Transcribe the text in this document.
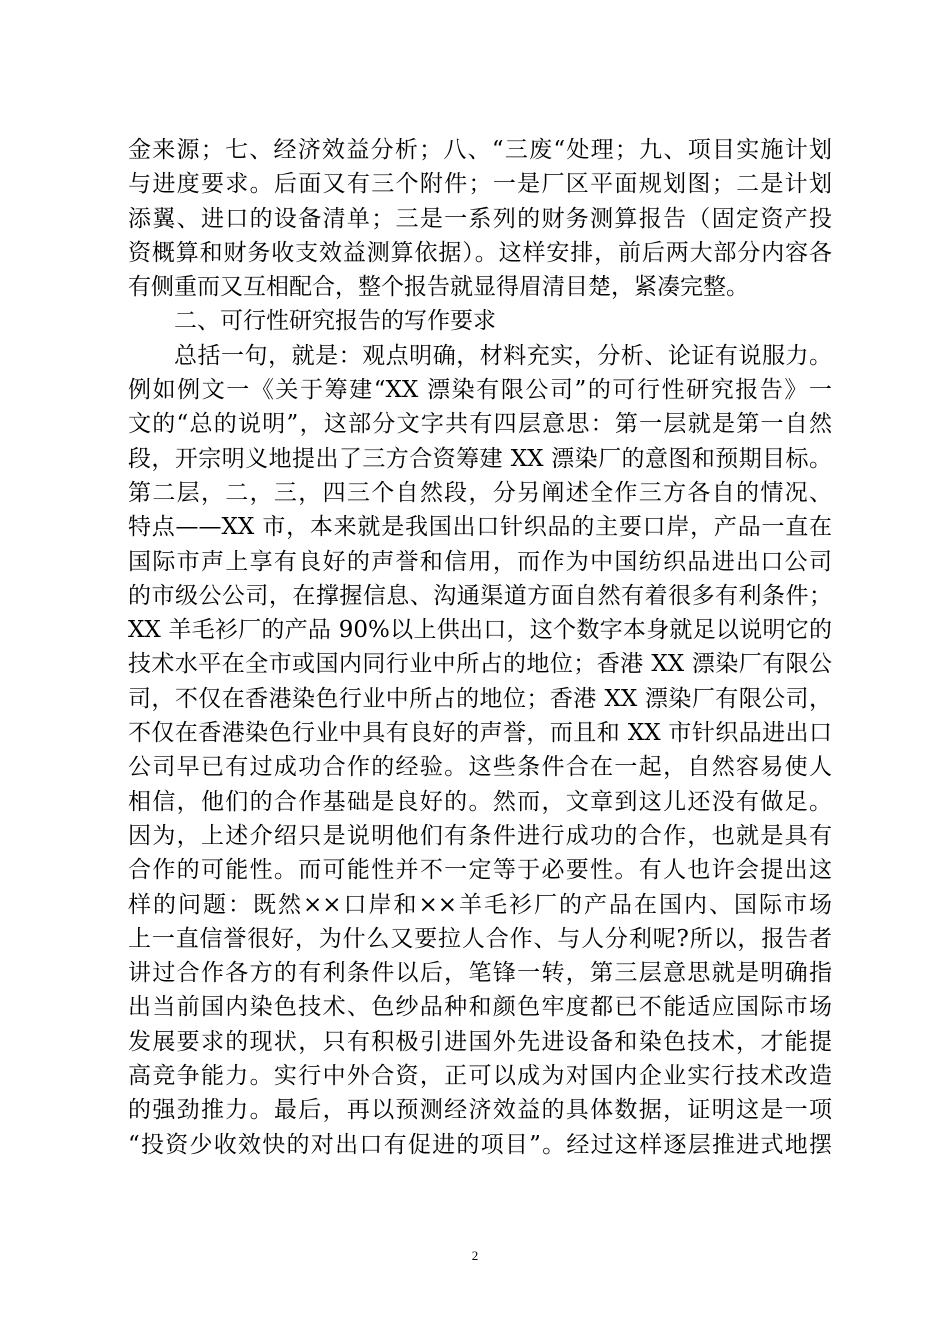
金来源；七、经济效益分析；八、“三废“处理；九、项目实施计划
与进度要求。后面又有三个附件；一是厂区平面规划图；二是计划
添翼、进口的设备清单；三是一系列的财务测算报告（固定资产投
资概算和财务收支效益测算依据）。这样安排，前后两大部分内容各
有侧重而又互相配合，整个报告就显得眉清目楚，紧凑完整。
二、可行性研究报告的写作要求
总括一句，就是：观点明确，材料充实，分析、论证有说服力。
例如例文一《关于筹建“XX 漂染有限公司”的可行性研究报告》一
文的“总的说明”，这部分文字共有四层意思：第一层就是第一自然
段，开宗明义地提出了三方合资筹建 XX 漂染厂的意图和预期目标。
第二层，二，三，四三个自然段，分另阐述全作三方各自的情况、
特点——XX 市，本来就是我国出口针织品的主要口岸，产品一直在
国际市声上享有良好的声誉和信用，而作为中国纺织品进出口公司
的市级公公司，在撑握信息、沟通渠道方面自然有着很多有利条件；
XX 羊毛衫厂的产品 90%以上供出口，这个数字本身就足以说明它的
技术水平在全市或国内同行业中所占的地位；香港 XX 漂染厂有限公
司，不仅在香港染色行业中所占的地位；香港 XX 漂染厂有限公司，
不仅在香港染色行业中具有良好的声誉，而且和 XX 市针织品进出口
公司早已有过成功合作的经验。这些条件合在一起，自然容易使人
相信，他们的合作基础是良好的。然而，文章到这儿还没有做足。
因为，上述介绍只是说明他们有条件进行成功的合作，也就是具有
合作的可能性。而可能性并不一定等于必要性。有人也许会提出这
样的问题：既然××口岸和××羊毛衫厂的产品在国内、国际市场
上一直信誉很好，为什么又要拉人合作、与人分利呢?所以，报告者
讲过合作各方的有利条件以后，笔锋一转，第三层意思就是明确指
出当前国内染色技术、色纱品种和颜色牢度都已不能适应国际市场
发展要求的现状，只有积极引进国外先进设备和染色技术，才能提
高竞争能力。实行中外合资，正可以成为对国内企业实行技术改造
的强劲推力。最后，再以预测经济效益的具体数据，证明这是一项
“投资少收效快的对出口有促进的项目”。经过这样逐层推进式地摆
2
